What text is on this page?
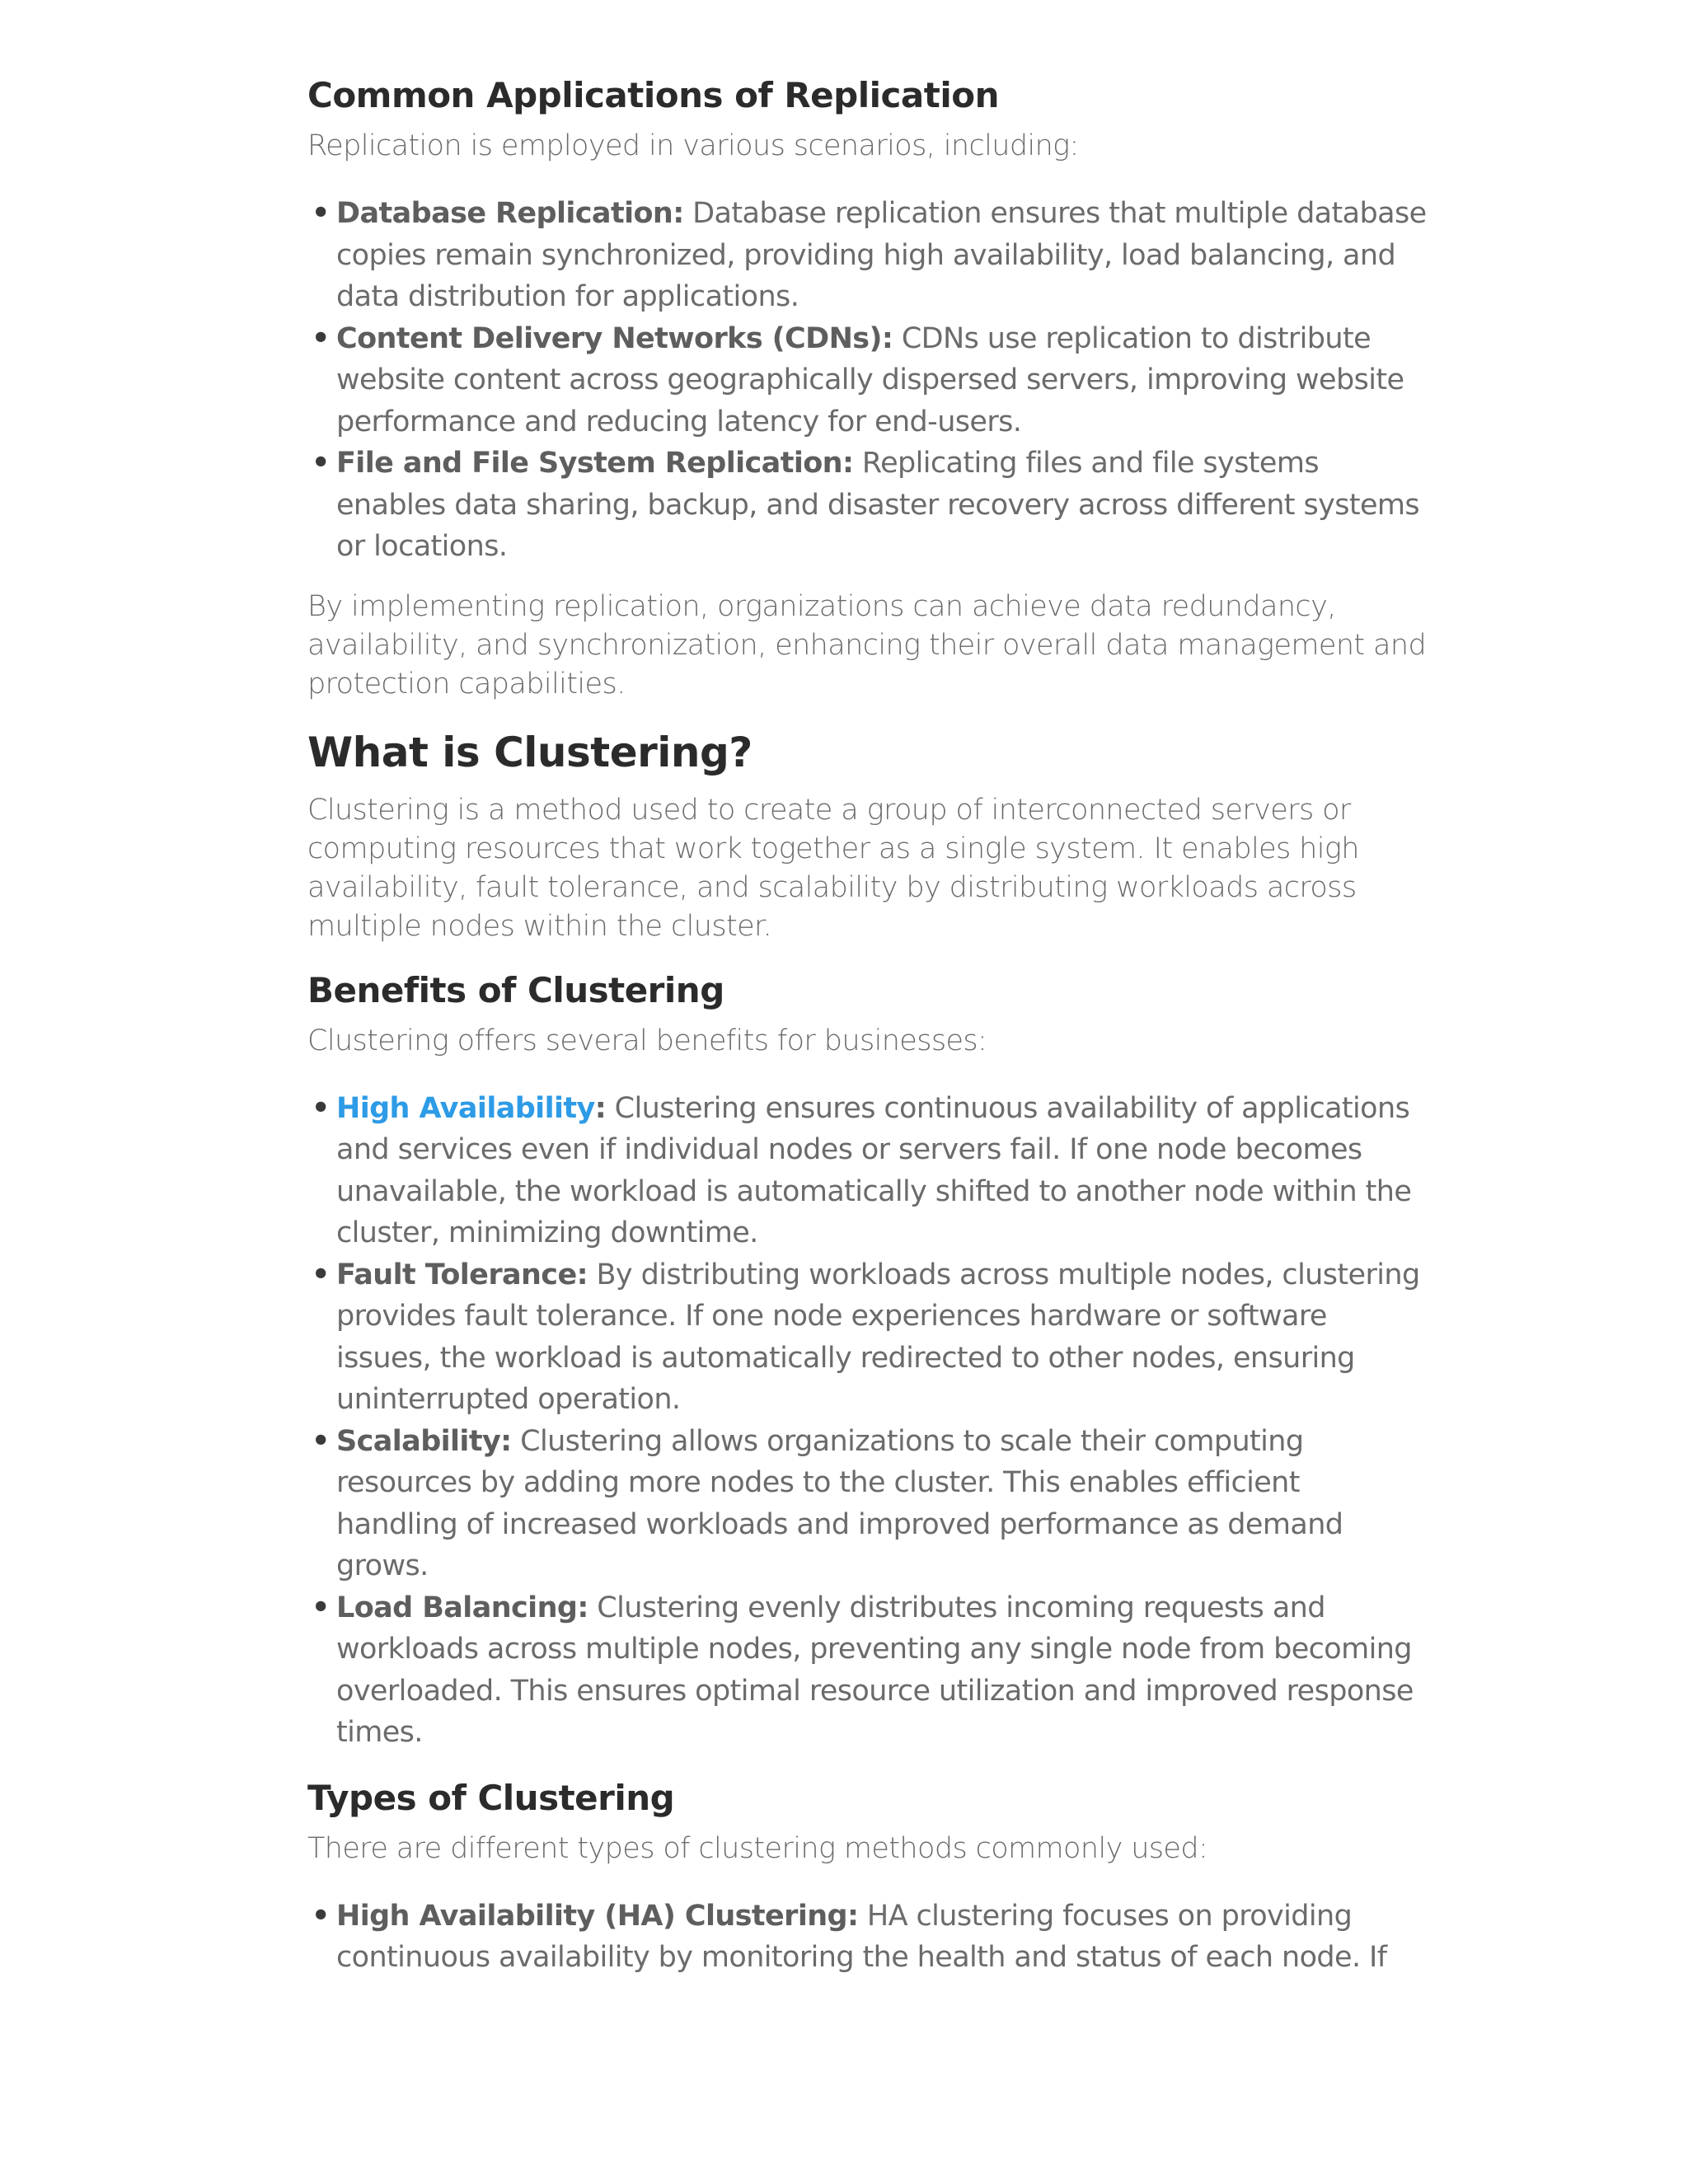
Common Applications of Replication

Replication is employed in various scenarios, including:

• Database Replication: Database replication ensures that multiple database copies remain synchronized, providing high availability, load balancing, and data distribution for applications.
• Content Delivery Networks (CDNs): CDNs use replication to distribute website content across geographically dispersed servers, improving website performance and reducing latency for end-users.
• File and File System Replication: Replicating files and file systems enables data sharing, backup, and disaster recovery across different systems or locations.

By implementing replication, organizations can achieve data redundancy, availability, and synchronization, enhancing their overall data management and protection capabilities.

What is Clustering?

Clustering is a method used to create a group of interconnected servers or computing resources that work together as a single system. It enables high availability, fault tolerance, and scalability by distributing workloads across multiple nodes within the cluster.

Benefits of Clustering

Clustering offers several benefits for businesses:

• High Availability: Clustering ensures continuous availability of applications and services even if individual nodes or servers fail. If one node becomes unavailable, the workload is automatically shifted to another node within the cluster, minimizing downtime.
• Fault Tolerance: By distributing workloads across multiple nodes, clustering provides fault tolerance. If one node experiences hardware or software issues, the workload is automatically redirected to other nodes, ensuring uninterrupted operation.
• Scalability: Clustering allows organizations to scale their computing resources by adding more nodes to the cluster. This enables efficient handling of increased workloads and improved performance as demand grows.
• Load Balancing: Clustering evenly distributes incoming requests and workloads across multiple nodes, preventing any single node from becoming overloaded. This ensures optimal resource utilization and improved response times.
Types of Clustering

There are different types of clustering methods commonly used:

• High Availability (HA) Clustering: HA clustering focuses on providing continuous availability by monitoring the health and status of each node. If
